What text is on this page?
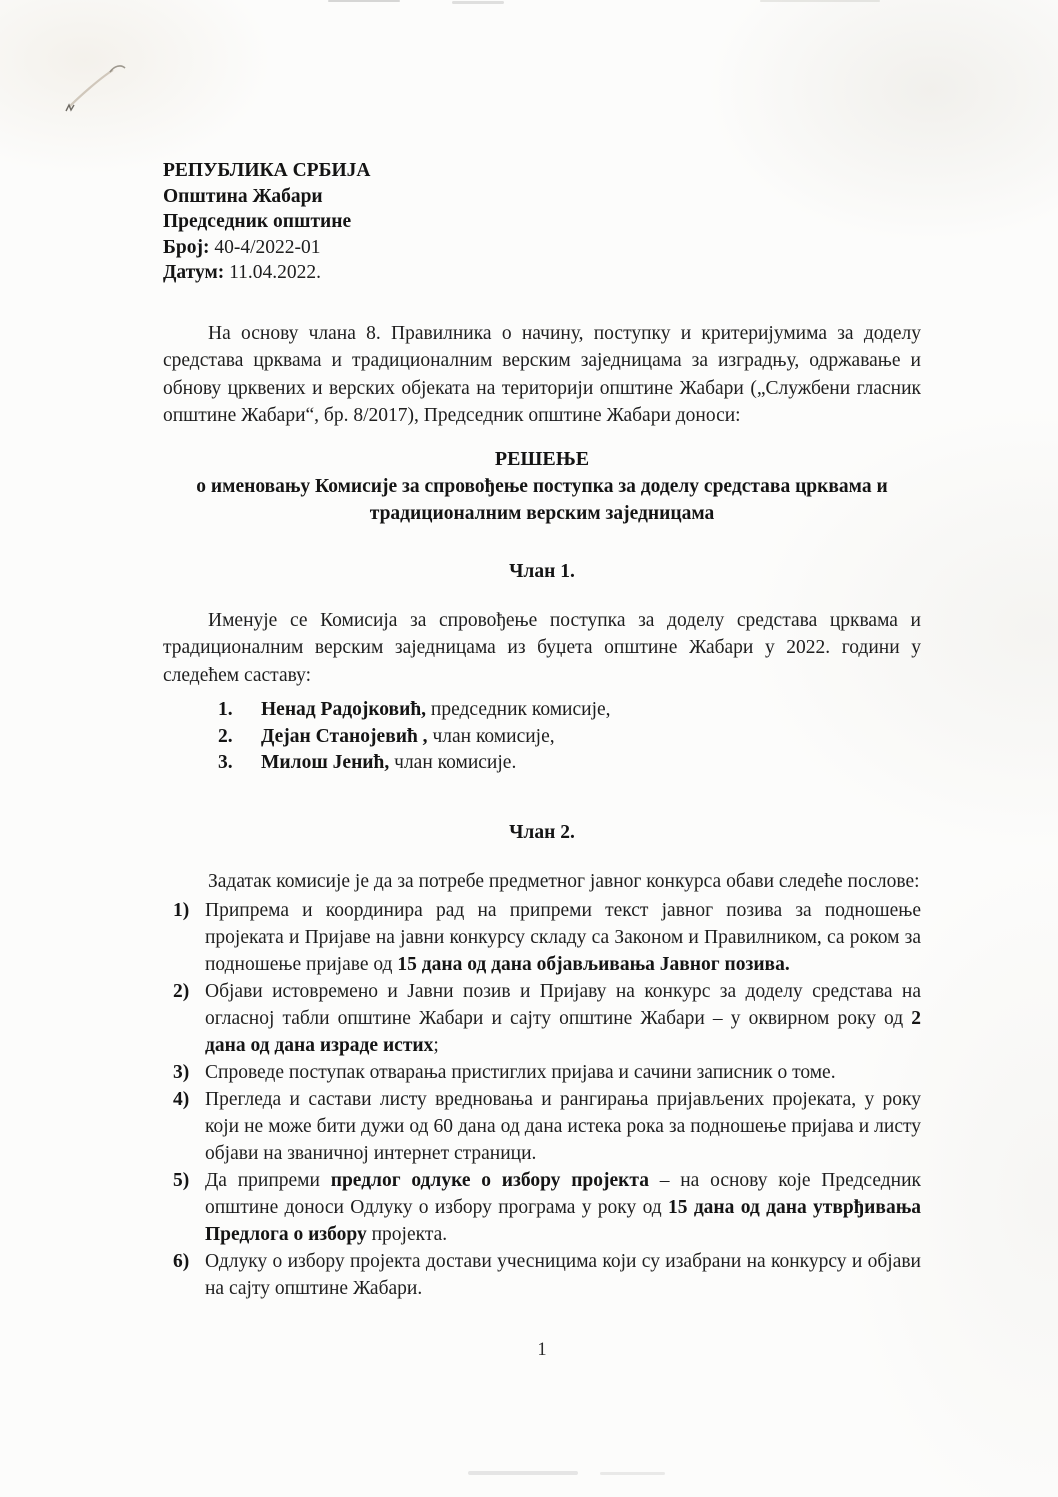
РЕПУБЛИКА СРБИЈА
Општина Жабари
Председник општине
Број: 40-4/2022-01
Датум: 11.04.2022.

На основу члана 8. Правилника о начину, поступку и критеријумима за доделу средстава црквама и традиционалним верским заједницама за изградњу, одржавање и обнову црквених и верских објеката на територији општине Жабари („Службени гласник општине Жабари“, бр. 8/2017), Председник општине Жабари доноси:

РЕШЕЊЕ
о именовању Комисије за спровођење поступка за доделу средстава црквама и традиционалним верским заједницама
Члан 1.

Именује се Комисија за спровођење поступка за доделу средстава црквама и традиционалним верским заједницама из буџета општине Жабари у 2022. години у следећем саставу:

1. Ненад Радојковић, председник комисије,
2. Дејан Станојевић , члан комисије,
3. Милош Јенић, члан комисије.
Члан 2.

Задатак комисије је да за потребе предметног јавног конкурса обави следеће послове:

1) Припрема и координира рад на припреми текст јавног позива за подношење пројеката и Пријаве на јавни конкурсу складу са Законом и Правилником, са роком за подношење пријаве од 15 дана од дана објављивања Јавног позива.
2) Објави истовремено и Јавни позив и Пријаву на конкурс за доделу средстава на огласној табли општине Жабари и сајту општине Жабари – у оквирном року од 2 дана од дана израде истих;
3) Спроведе поступак отварања пристиглих пријава и сачини записник о томе.
4) Прегледа и састави листу вредновања и рангирања пријављених пројеката, у року који не може бити дужи од 60 дана од дана истека рока за подношење пријава и листу објави на званичној интернет страници.
5) Да припреми предлог одлуке о избору пројекта – на основу које Председник општине доноси Одлуку о избору програма у року од 15 дана од дана утврђивања Предлога о избору пројекта.
6) Одлуку о избору пројекта достави учесницима који су изабрани на конкурсу и објави на сајту општине Жабари.
1
